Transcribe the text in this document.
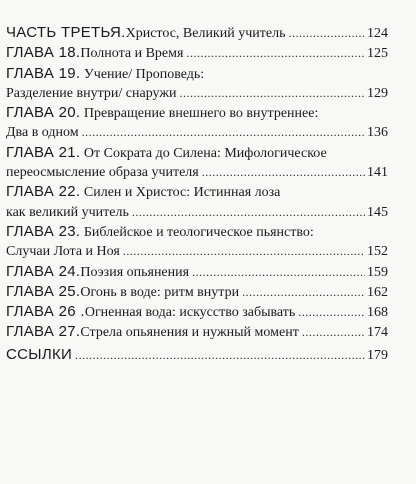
ЧАСТЬ ТРЕТЬЯ. Христос, Великий учитель .....	124
ГЛАВА 18. Полнота и Время .....	125
ГЛАВА 19. Учение/ Проповедь:
Разделение внутри/ снаружи .....	129
ГЛАВА 20. Превращение внешнего во внутреннее:
Два в одном .....	136
ГЛАВА 21. От Сократа до Силена: Мифологическое
переосмысление образа учителя .....	141
ГЛАВА 22. Силен и Христос: Истинная лоза
как великий учитель .....	145
ГЛАВА 23. Библейское и теологическое пьянство:
Случаи Лота и Ноя .....	152
ГЛАВА 24. Поэзия опьянения .....	159
ГЛАВА 25. Огонь в воде: ритм внутри .....	162
ГЛАВА 26 . Огненная вода: искусство забывать .....	168
ГЛАВА 27. Стрела опьянения и нужный момент .....	174
ССЫЛКИ .....	179
